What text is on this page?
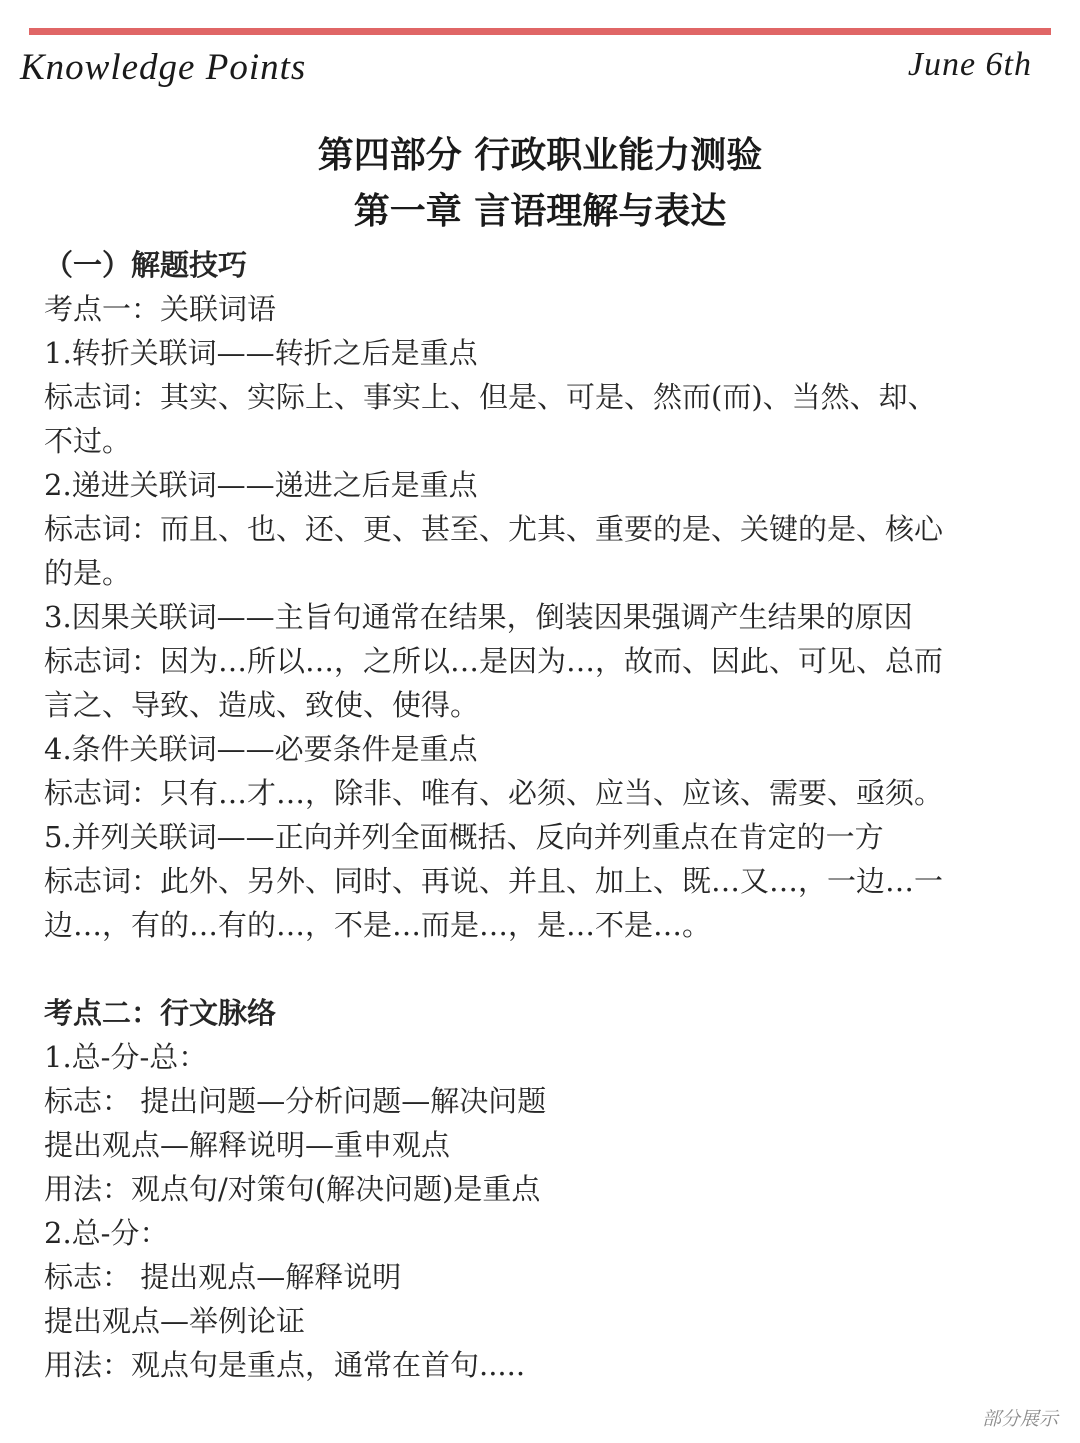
Knowledge Points	June 6th
第四部分 行政职业能力测验
第一章 言语理解与表达
（一）解题技巧
考点一：关联词语
1.转折关联词——转折之后是重点
标志词：其实、实际上、事实上、但是、可是、然而(而)、当然、却、
不过。
2.递进关联词——递进之后是重点
标志词：而且、也、还、更、甚至、尤其、重要的是、关键的是、核心
的是。
3.因果关联词——主旨句通常在结果，倒装因果强调产生结果的原因
标志词：因为…所以…，之所以…是因为…，故而、因此、可见、总而
言之、导致、造成、致使、使得。
4.条件关联词——必要条件是重点
标志词：只有…才…，除非、唯有、必须、应当、应该、需要、亟须。
5.并列关联词——正向并列全面概括、反向并列重点在肯定的一方
标志词：此外、另外、同时、再说、并且、加上、既…又…，一边…一
边…，有的…有的…，不是…而是…，是…不是…。
考点二：行文脉络
1.总-分-总：
标志： 提出问题—分析问题—解决问题
提出观点—解释说明—重申观点
用法：观点句/对策句(解决问题)是重点
2.总-分：
标志： 提出观点—解释说明
提出观点—举例论证
用法：观点句是重点，通常在首句.....
部分展示
